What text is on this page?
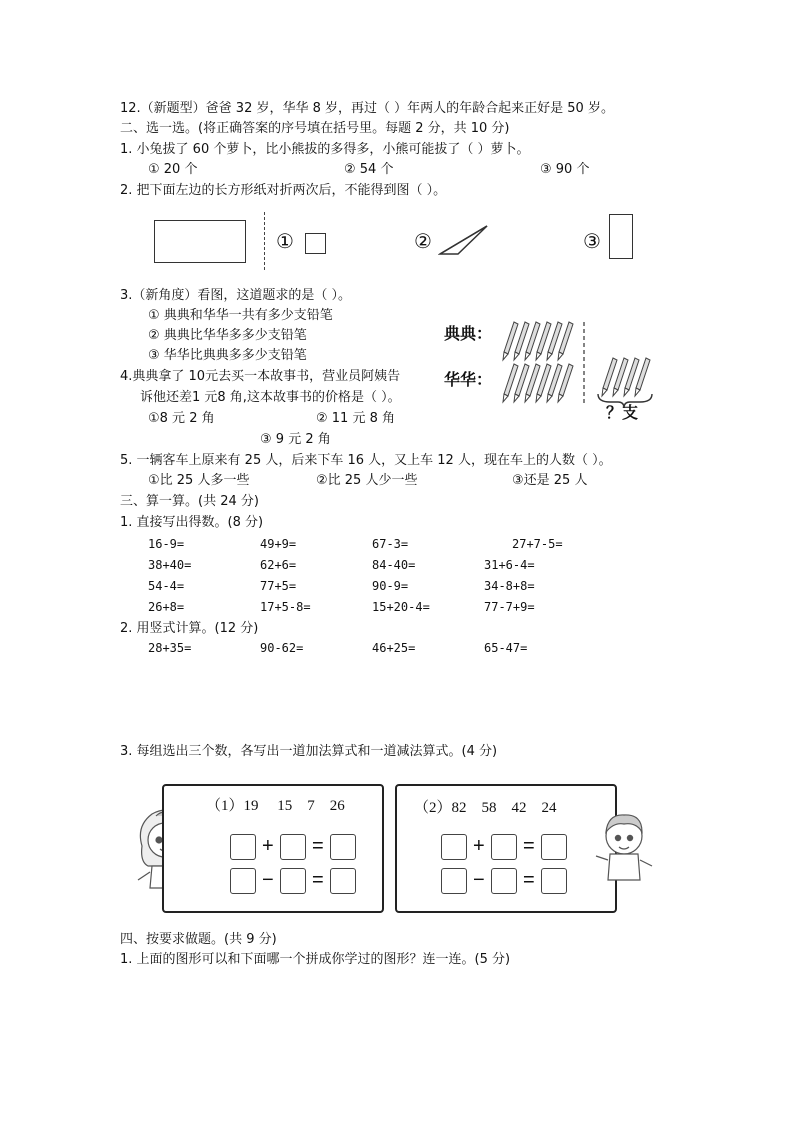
12.（新题型）爸爸 32 岁，华华 8 岁，再过（ ）年两人的年龄合起来正好是 50 岁。
二、选一选。(将正确答案的序号填在括号里。每题 2 分，共 10 分)
1. 小兔拔了 60 个萝卜，比小熊拔的多得多，小熊可能拔了（ ）萝卜。
① 20 个	② 54 个	③ 90 个
2. 把下面左边的长方形纸对折两次后，不能得到图（ ）。
①	②	③
3.（新角度）看图，这道题求的是（ ）。
① 典典和华华一共有多少支铅笔
② 典典比华华多多少支铅笔
③ 华华比典典多多少支铅笔
典典：
华华：
？支
4.典典拿了 10元去买一本故事书，营业员阿姨告
诉他还差1 元8 角,这本故事书的价格是（ ）。
①8 元 2 角	② 11 元 8 角
③ 9 元 2 角
5. 一辆客车上原来有 25 人，后来下车 16 人，又上车 12 人，现在车上的人数（ ）。
①比 25 人多一些	②比 25 人少一些	③还是 25 人
三、算一算。(共 24 分)
1. 直接写出得数。(8 分)
16-9=	49+9=	67-3=	27+7-5=
38+40=	62+6=	84-40=	31+6-4=
54-4=	77+5=	90-9=	34-8+8=
26+8=	17+5-8=	15+20-4=	77-7+9=
2. 用竖式计算。(12 分)
28+35=	90-62=	46+25=	65-47=
3. 每组选出三个数，各写出一道加法算式和一道减法算式。(4 分)
（1）19　 15　7　26
+ =
− =
（2）82　58　42　24
+ =
− =
四、按要求做题。(共 9 分)
1. 上面的图形可以和下面哪一个拼成你学过的图形？连一连。(5 分)
